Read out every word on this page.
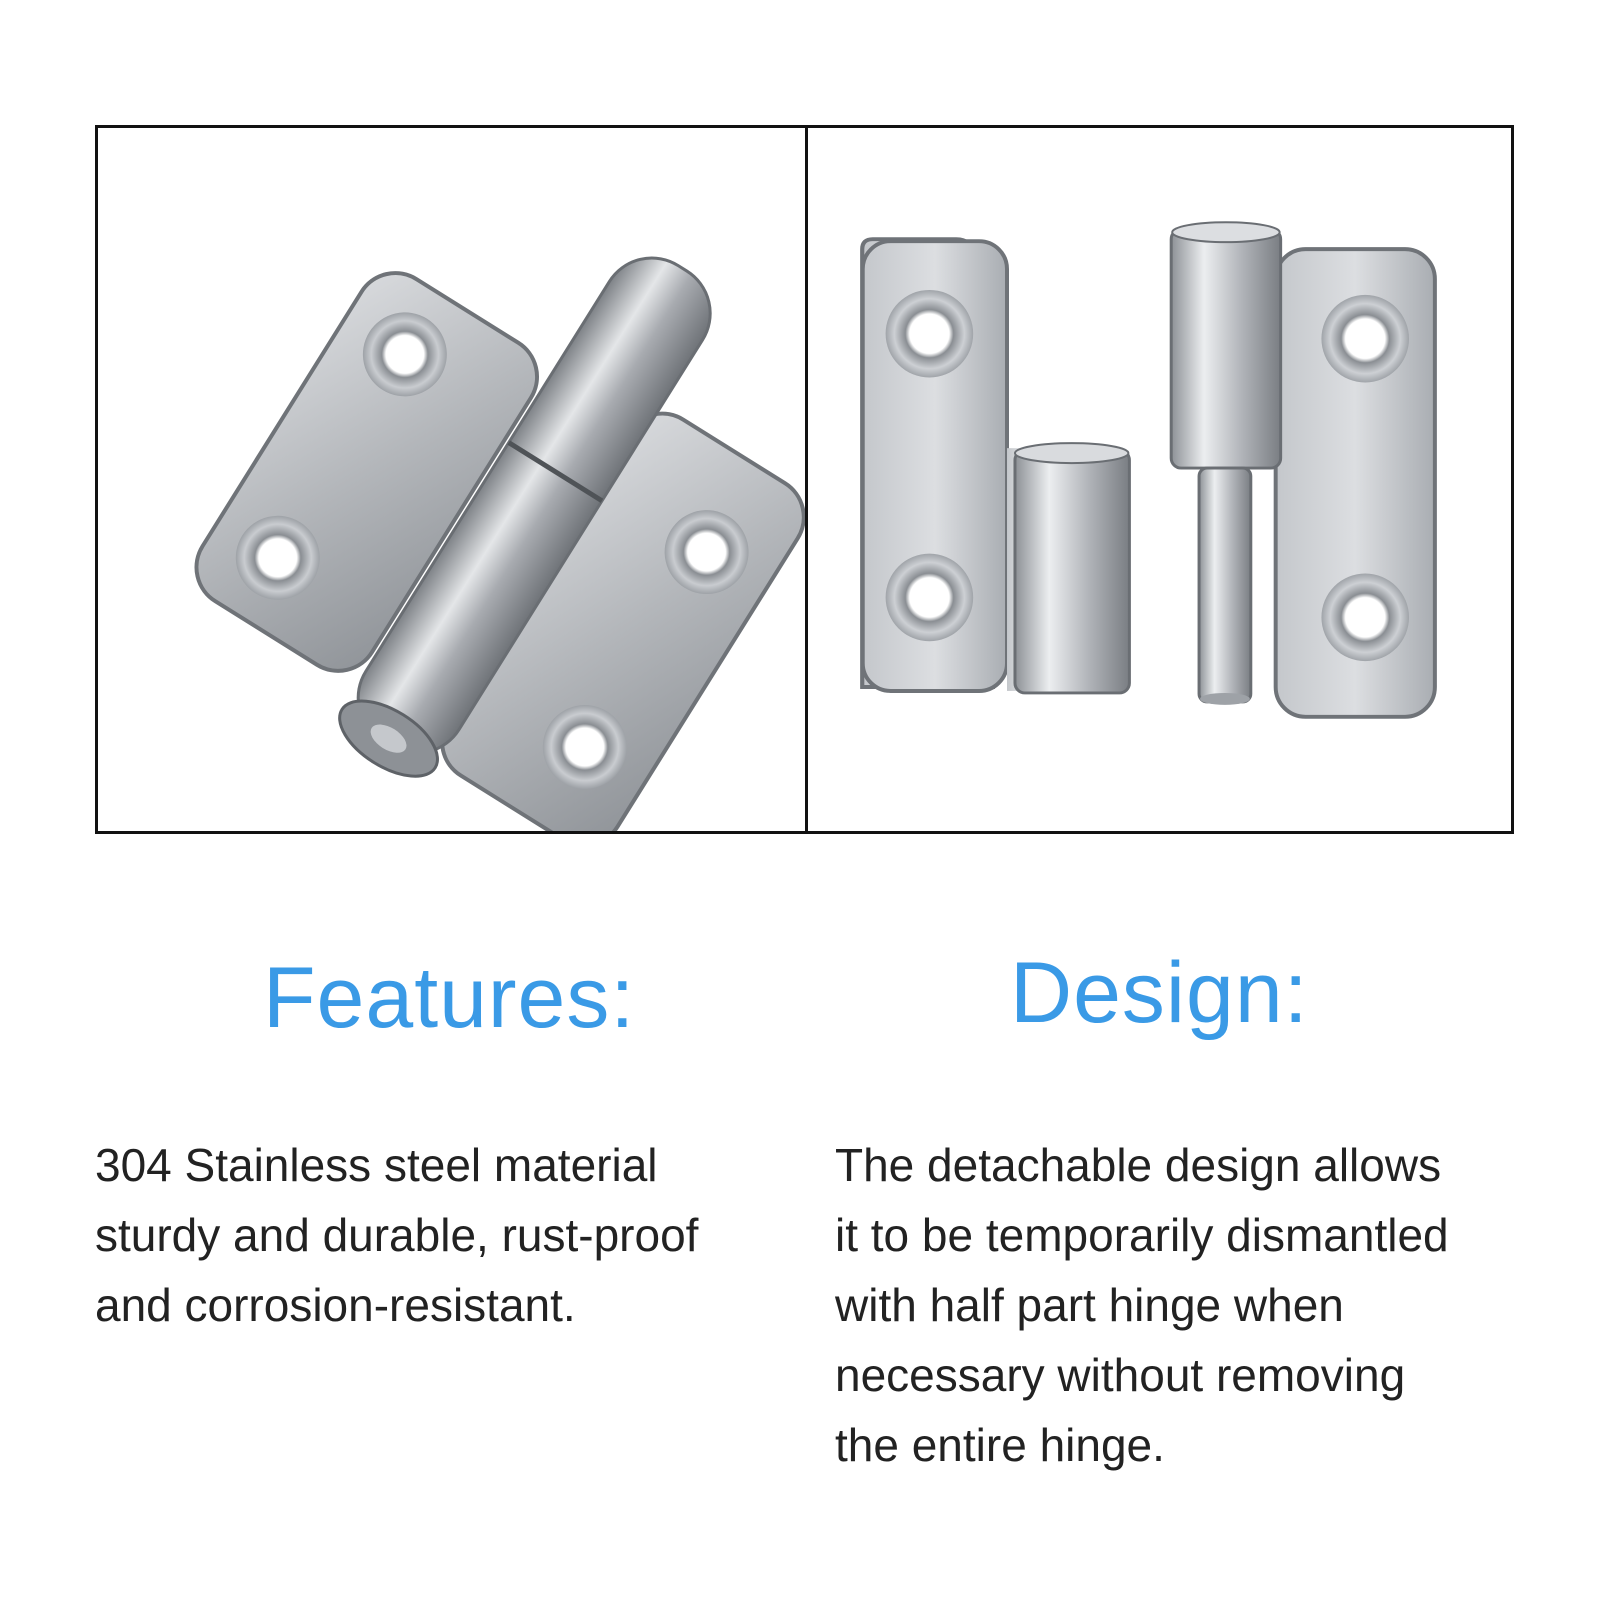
Features:	Design:
304 Stainless steel material
sturdy and durable, rust-proof
and corrosion-resistant.
The detachable design allows
it to be temporarily dismantled
with half part hinge when
necessary without removing
the entire hinge.
